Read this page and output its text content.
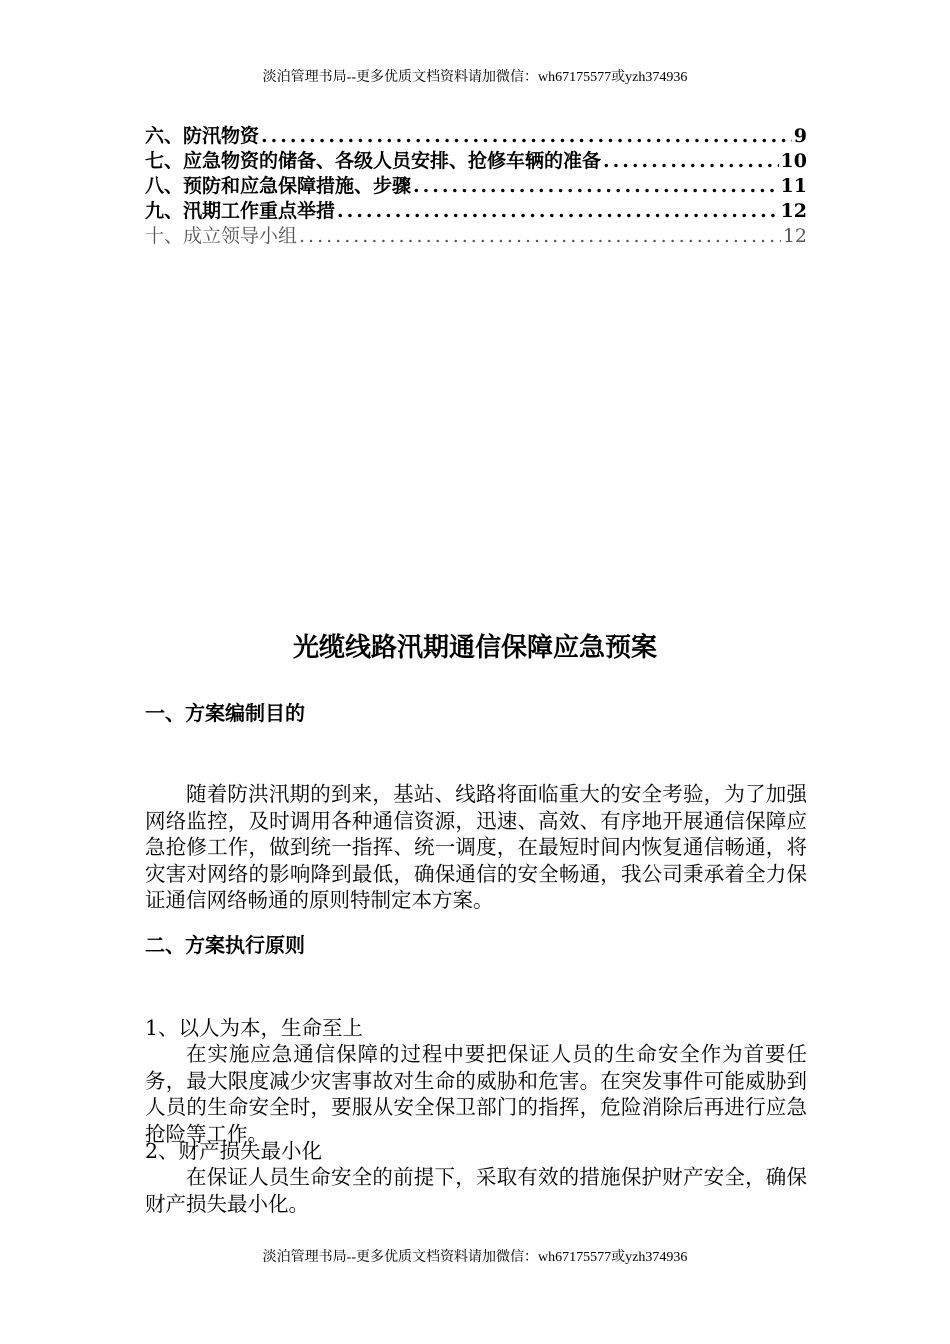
淡泊管理书局--更多优质文档资料请加微信：wh67175577或yzh374936
六、防汛物资 .....	9
七、应急物资的储备、各级人员安排、抢修车辆的准备 .....	10
八、预防和应急保障措施、步骤 .....	11
九、汛期工作重点举措 .....	12
十、成立领导小组 .....	12
光缆线路汛期通信保障应急预案
一、方案编制目的
随着防洪汛期的到来，基站、线路将面临重大的安全考验，为了加强网络监控，及时调用各种通信资源，迅速、高效、有序地开展通信保障应急抢修工作，做到统一指挥、统一调度，在最短时间内恢复通信畅通，将灾害对网络的影响降到最低，确保通信的安全畅通，我公司秉承着全力保证通信网络畅通的原则特制定本方案。
二、方案执行原则
1、以人为本，生命至上
在实施应急通信保障的过程中要把保证人员的生命安全作为首要任务，最大限度减少灾害事故对生命的威胁和危害。在突发事件可能威胁到人员的生命安全时，要服从安全保卫部门的指挥，危险消除后再进行应急抢险等工作。
2、财产损失最小化
在保证人员生命安全的前提下，采取有效的措施保护财产安全，确保财产损失最小化。
淡泊管理书局--更多优质文档资料请加微信：wh67175577或yzh374936
